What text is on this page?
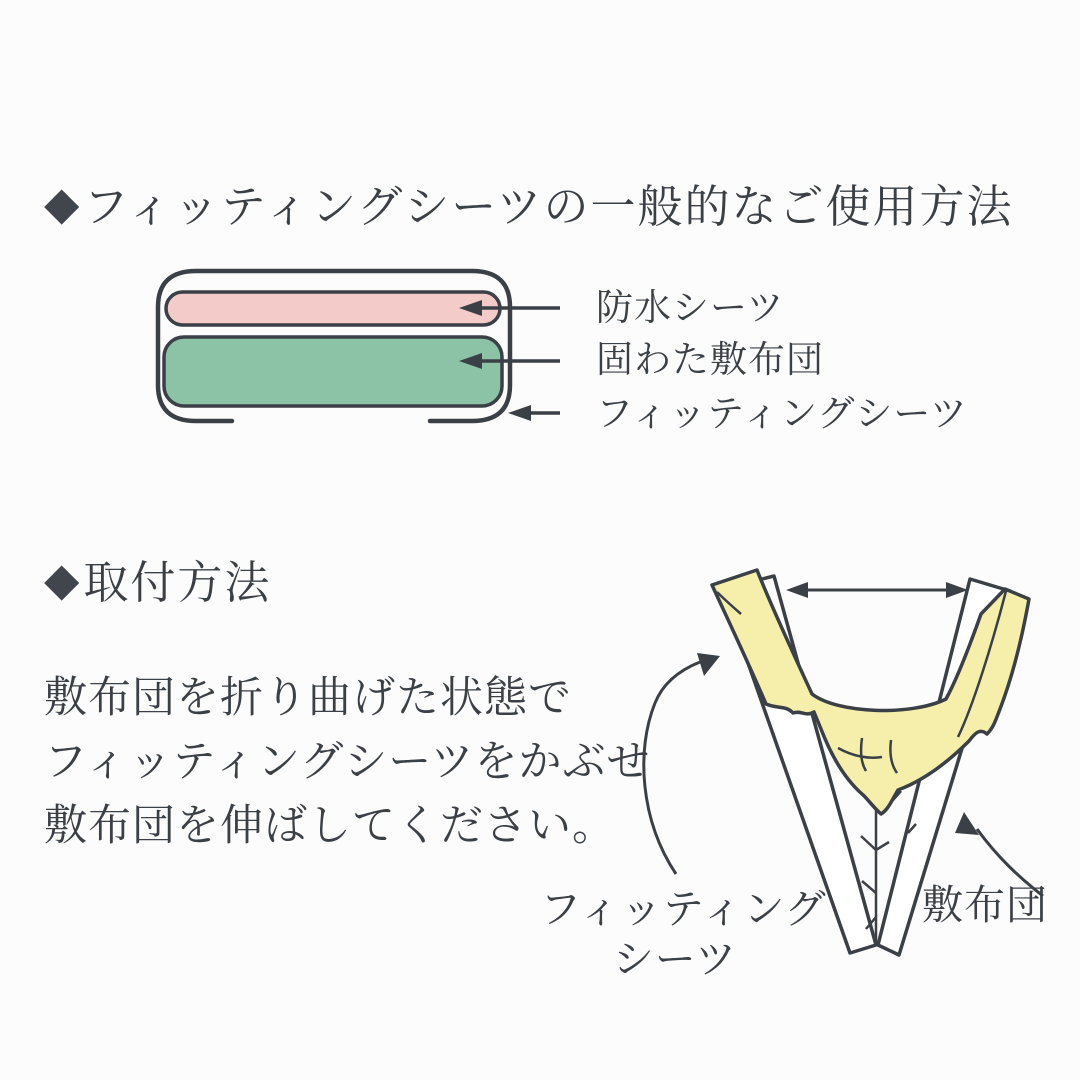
◆ フィッティングシーツの一般的なご使用方法
防水シーツ
固わた敷布団
フィッティングシーツ
◆ 取付方法
敷布団を折り曲げた状態で
フィッティングシーツをかぶせ
敷布団を伸ばしてください。
フィッティング
シーツ
敷布団
